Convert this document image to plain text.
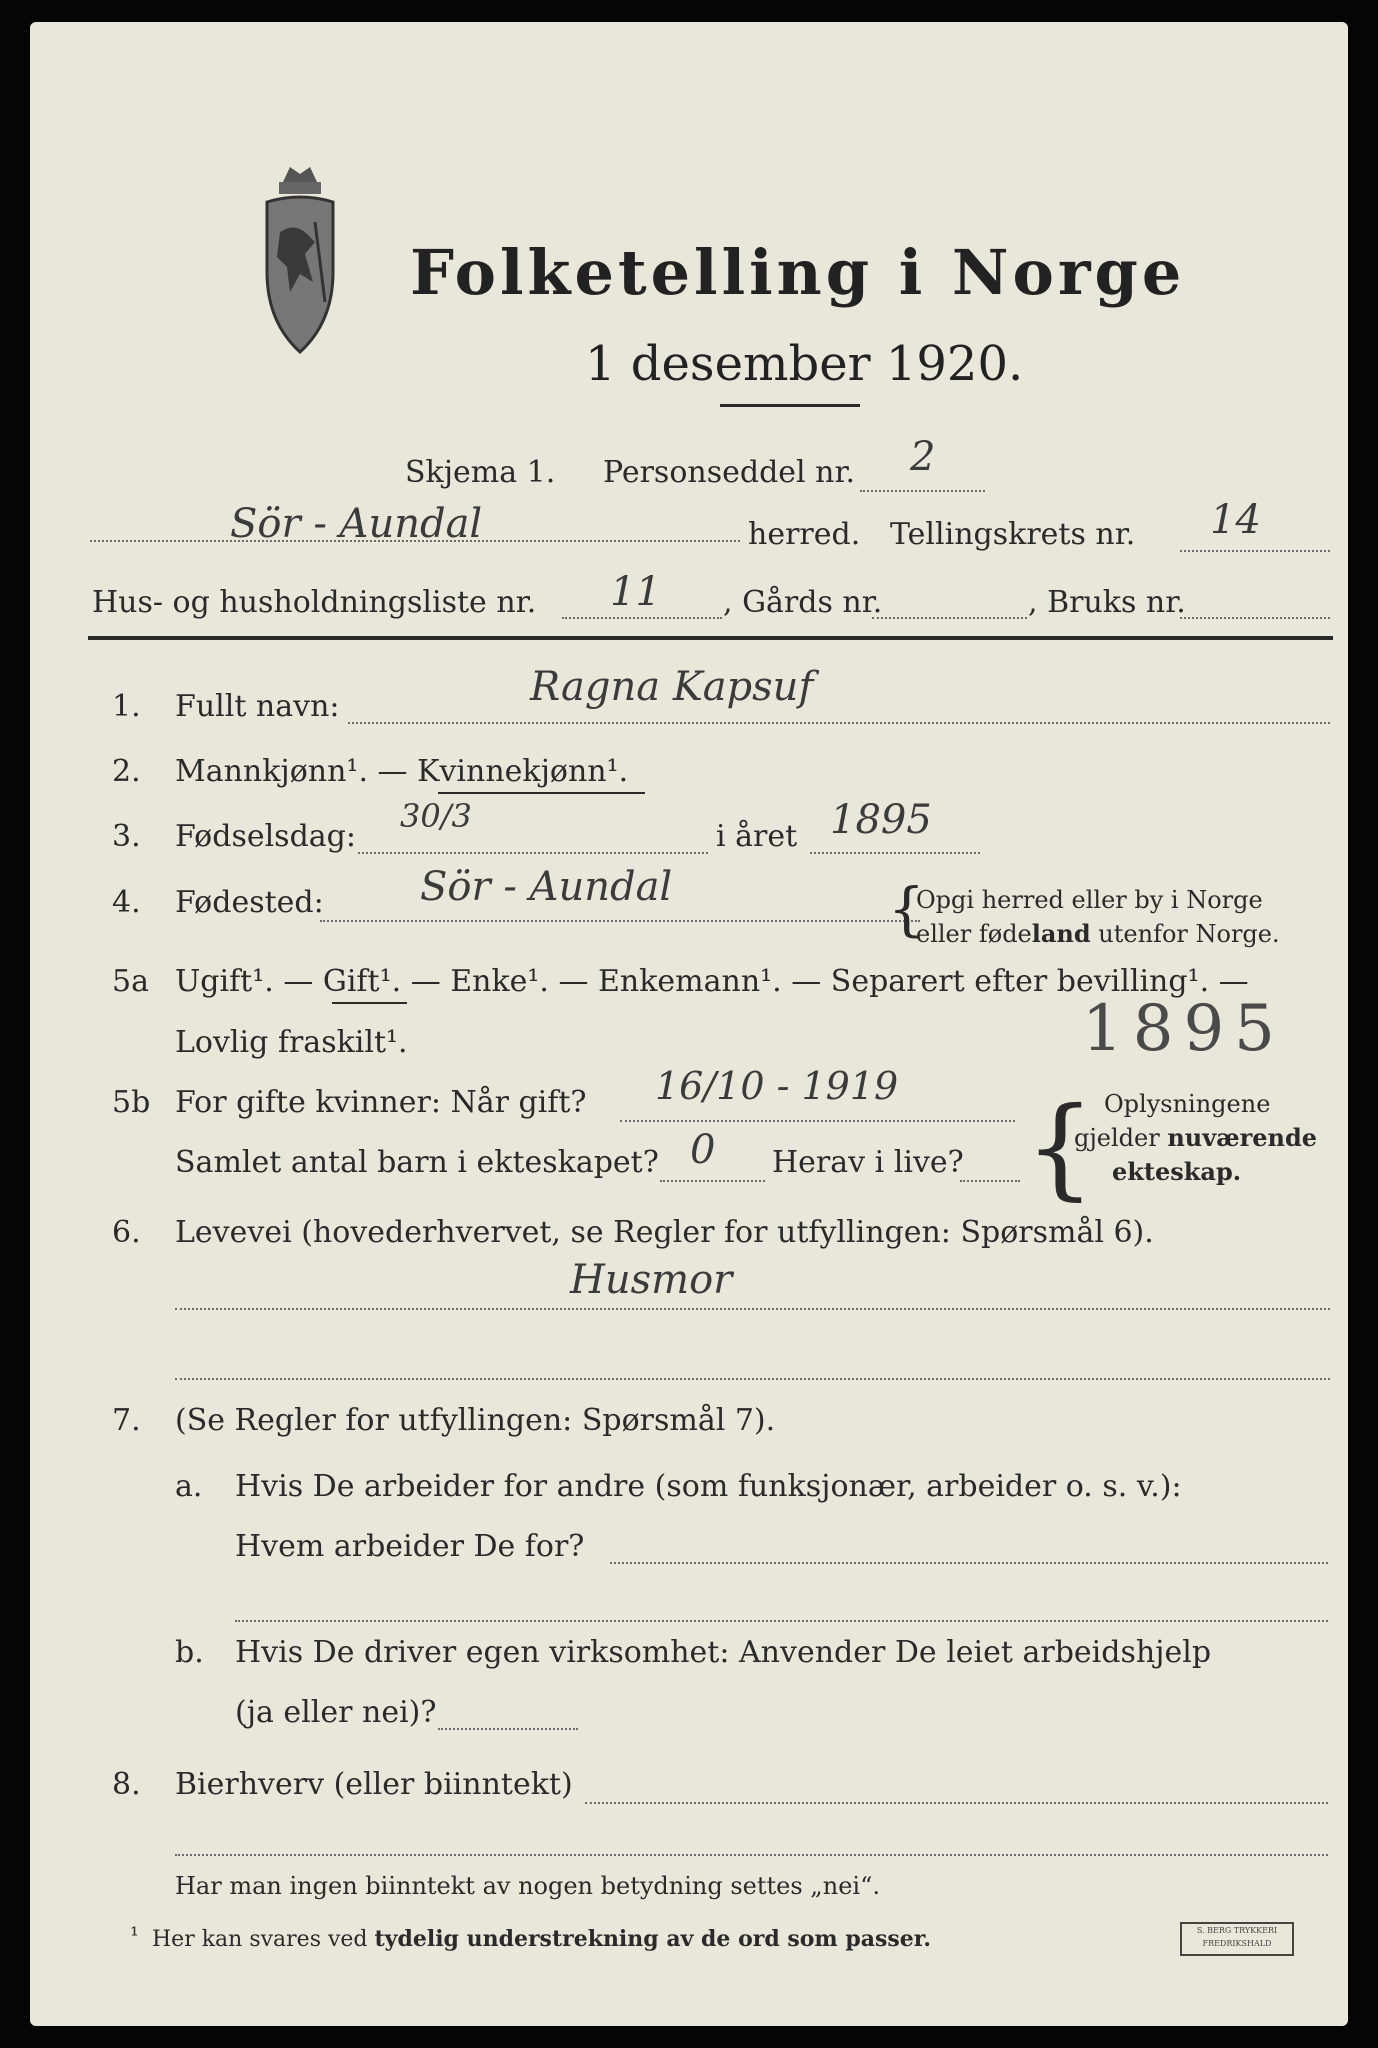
Folketelling i Norge
1 desember 1920.
Skjema 1. Personseddel nr. 2
Sör - Aundal	herred. Tellingskrets nr. 14
Hus- og husholdningsliste nr. 11 , Gårds nr.	, Bruks nr.
1. Fullt navn:	Ragna Kapsuf
2. Mannkjønn¹. — Kvinnekjønn¹.
3. Fødselsdag:
30/3
i året 1895
4. Fødested: Sör - Aundal	{
Opgi herred eller by i Norge
eller fødeland utenfor Norge.
5a Ugift¹. — Gift¹. — Enke¹. — Enkemann¹. — Separert efter bevilling¹. —
Lovlig fraskilt¹.	1895
5b For gifte kvinner: Når gift? 16/10 - 1919
Samlet antal barn i ekteskapet? 0 Herav i live? { Oplysningene
gjelder nuværende
ekteskap.
6. Levevei (hovederhvervet, se Regler for utfyllingen: Spørsmål 6).
Husmor
7. (Se Regler for utfyllingen: Spørsmål 7).
a. Hvis De arbeider for andre (som funksjonær, arbeider o. s. v.):
Hvem arbeider De for?
b. Hvis De driver egen virksomhet: Anvender De leiet arbeidshjelp
(ja eller nei)?
8. Bierhverv (eller biinntekt)
Har man ingen biinntekt av nogen betydning settes „nei“.
¹ Her kan svares ved tydelig understrekning av de ord som passer.	S. BERG TRYKKERI
FREDRIKSHALD
